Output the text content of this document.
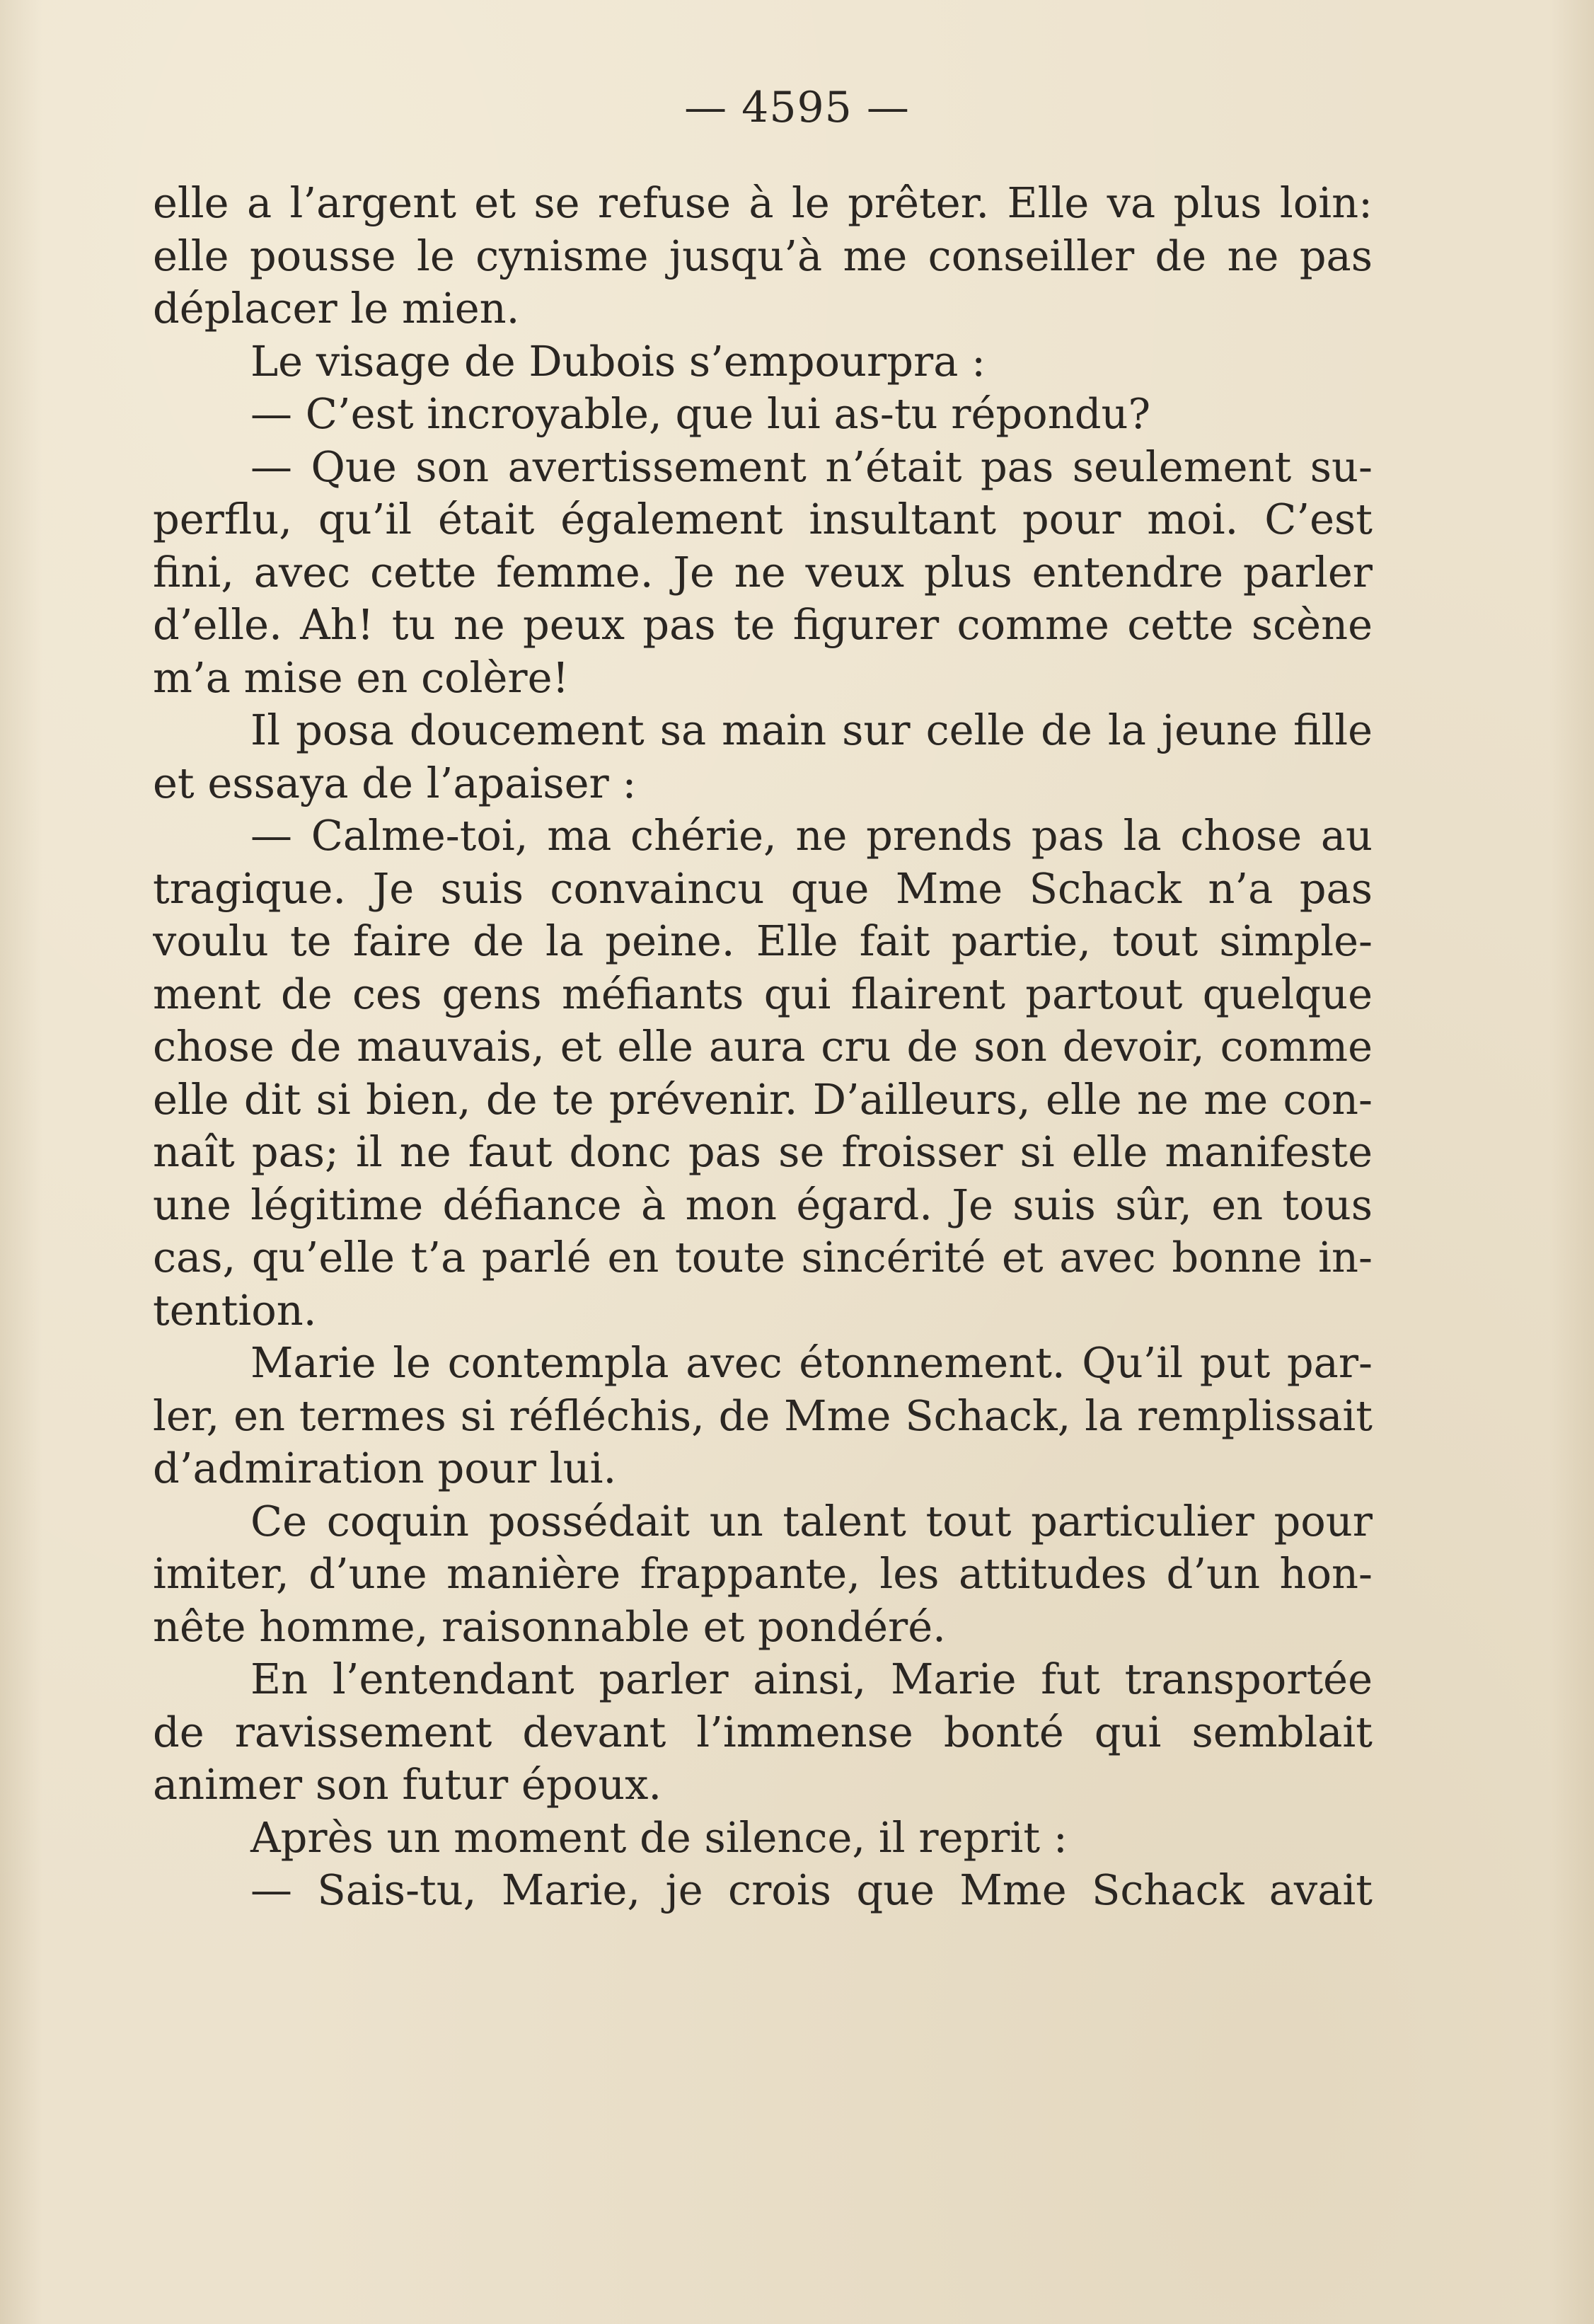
— 4595 —
elle a l’argent et se refuse à le prêter. Elle va plus loin:
elle pousse le cynisme jusqu’à me conseiller de ne pas
déplacer le mien.
Le visage de Dubois s’empourpra :
— C’est incroyable, que lui as-tu répondu?
— Que son avertissement n’était pas seulement su-
perflu, qu’il était également insultant pour moi. C’est
fini, avec cette femme. Je ne veux plus entendre parler
d’elle. Ah! tu ne peux pas te figurer comme cette scène
m’a mise en colère!
Il posa doucement sa main sur celle de la jeune fille
et essaya de l’apaiser :
— Calme-toi, ma chérie, ne prends pas la chose au
tragique. Je suis convaincu que Mme Schack n’a pas
voulu te faire de la peine. Elle fait partie, tout simple-
ment de ces gens méfiants qui flairent partout quelque
chose de mauvais, et elle aura cru de son devoir, comme
elle dit si bien, de te prévenir. D’ailleurs, elle ne me con-
naît pas; il ne faut donc pas se froisser si elle manifeste
une légitime défiance à mon égard. Je suis sûr, en tous
cas, qu’elle t’a parlé en toute sincérité et avec bonne in-
tention.
Marie le contempla avec étonnement. Qu’il put par-
ler, en termes si réfléchis, de Mme Schack, la remplissait
d’admiration pour lui.
Ce coquin possédait un talent tout particulier pour
imiter, d’une manière frappante, les attitudes d’un hon-
nête homme, raisonnable et pondéré.
En l’entendant parler ainsi, Marie fut transportée
de ravissement devant l’immense bonté qui semblait
animer son futur époux.
Après un moment de silence, il reprit :
— Sais-tu, Marie, je crois que Mme Schack avait
